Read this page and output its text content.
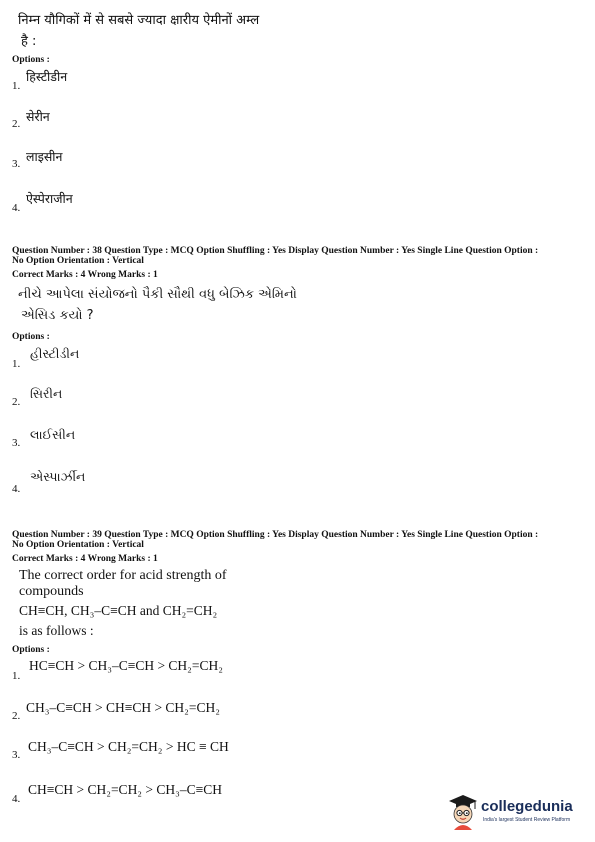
निम्न यौगिकों में से सबसे ज्यादा क्षारीय ऐमीनों अम्ल
है :
Options :
1.
हिस्टीडीन
2. सेरीन
3. लाइसीन
4.
ऐस्पेराजीन
Question Number : 38 Question Type : MCQ Option Shuffling : Yes Display Question Number : Yes Single Line Question Option :
No Option Orientation : Vertical
Correct Marks : 4 Wrong Marks : 1
નીચે આપેલા સંયોજનો પૈકી સૌથી વધુ બેઝિક એમિનો
એસિડ કયો ?
Options :
1.
હીસ્ટીડીન
2.
સિરીન
3.
લાઈસીન
4.
એસ્પાર્ઝીન
Question Number : 39 Question Type : MCQ Option Shuffling : Yes Display Question Number : Yes Single Line Question Option :
No Option Orientation : Vertical
Correct Marks : 4 Wrong Marks : 1
The correct order for acid strength of
compounds
CH≡CH, CH₃–C≡CH and CH₂=CH₂
is as follows :
Options :
1.
HC≡CH > CH₃–C≡CH > CH₂=CH₂
2.
CH₃–C≡CH > CH≡CH > CH₂=CH₂
3.
CH₃–C≡CH > CH₂=CH₂ > HC ≡ CH
4.
CH≡CH > CH₂=CH₂ > CH₃–C≡CH
collegedunia
India's largest Student Review Platform
